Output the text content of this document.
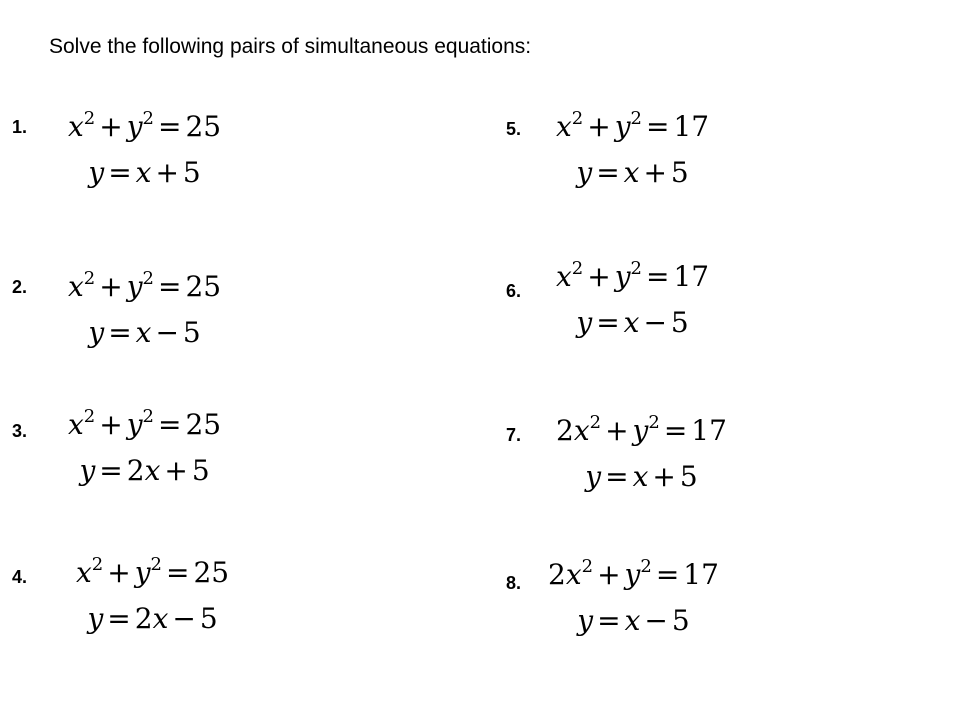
Solve the following pairs of simultaneous equations:
1. $x^2 + y^2 = 25$
y = x + 5
2. $x^2 + y^2 = 25$
y = x − 5
3. $x^2 + y^2 = 25$
y = 2x + 5
4. $x^2 + y^2 = 25$
y = 2x − 5
5. $x^2 + y^2 = 17$
y = x + 5
6. $x^2 + y^2 = 17$
y = x − 5
7. $2x^2 + y^2 = 17$
y = x + 5
8. $2x^2 + y^2 = 17$
y = x − 5
